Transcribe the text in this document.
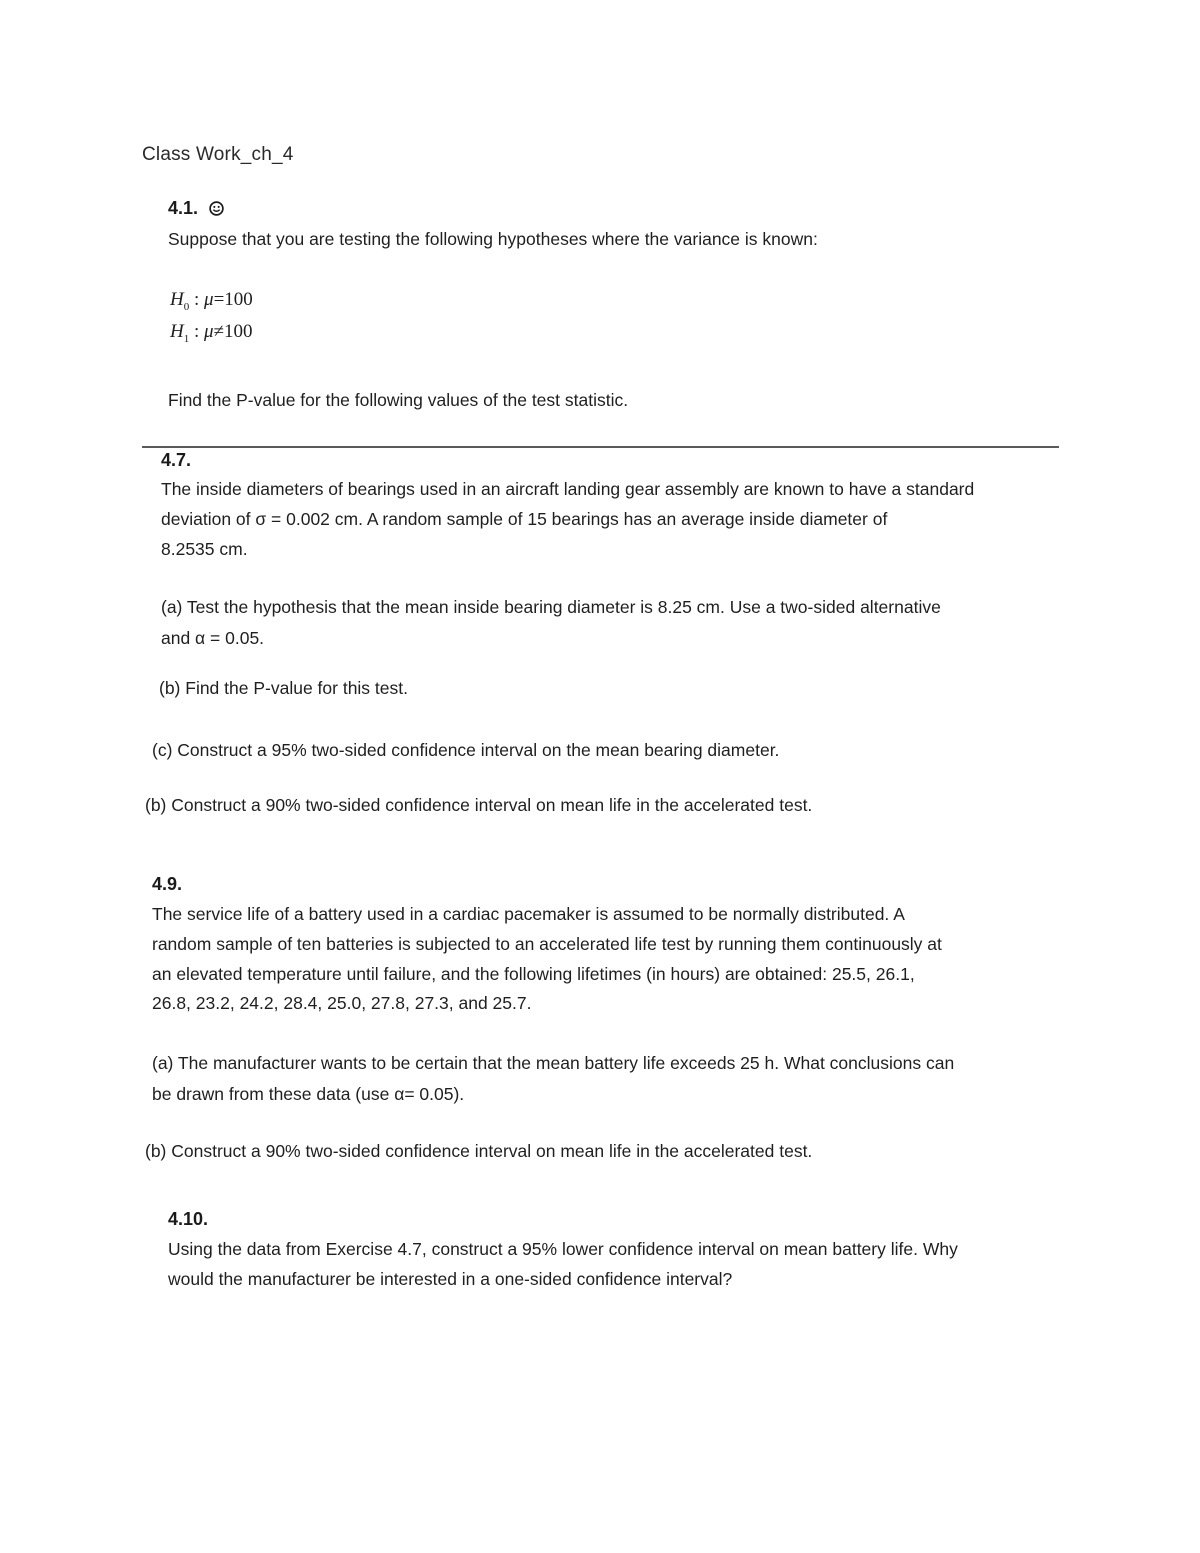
Class Work_ch_4
4.1.
Suppose that you are testing the following hypotheses where the variance is known:
$H_0$ : μ=100
$H_1$ : μ≠100
Find the P-value for the following values of the test statistic.
4.7.
The inside diameters of bearings used in an aircraft landing gear assembly are known to have a standard
deviation of σ = 0.002 cm. A random sample of 15 bearings has an average inside diameter of
8.2535 cm.
(a) Test the hypothesis that the mean inside bearing diameter is 8.25 cm. Use a two-sided alternative
and α = 0.05.
(b) Find the P-value for this test.
(c) Construct a 95% two-sided confidence interval on the mean bearing diameter.
(b) Construct a 90% two-sided confidence interval on mean life in the accelerated test.
4.9.
The service life of a battery used in a cardiac pacemaker is assumed to be normally distributed. A
random sample of ten batteries is subjected to an accelerated life test by running them continuously at
an elevated temperature until failure, and the following lifetimes (in hours) are obtained: 25.5, 26.1,
26.8, 23.2, 24.2, 28.4, 25.0, 27.8, 27.3, and 25.7.
(a) The manufacturer wants to be certain that the mean battery life exceeds 25 h. What conclusions can
be drawn from these data (use α= 0.05).
(b) Construct a 90% two-sided confidence interval on mean life in the accelerated test.
4.10.
Using the data from Exercise 4.7, construct a 95% lower confidence interval on mean battery life. Why
would the manufacturer be interested in a one-sided confidence interval?
